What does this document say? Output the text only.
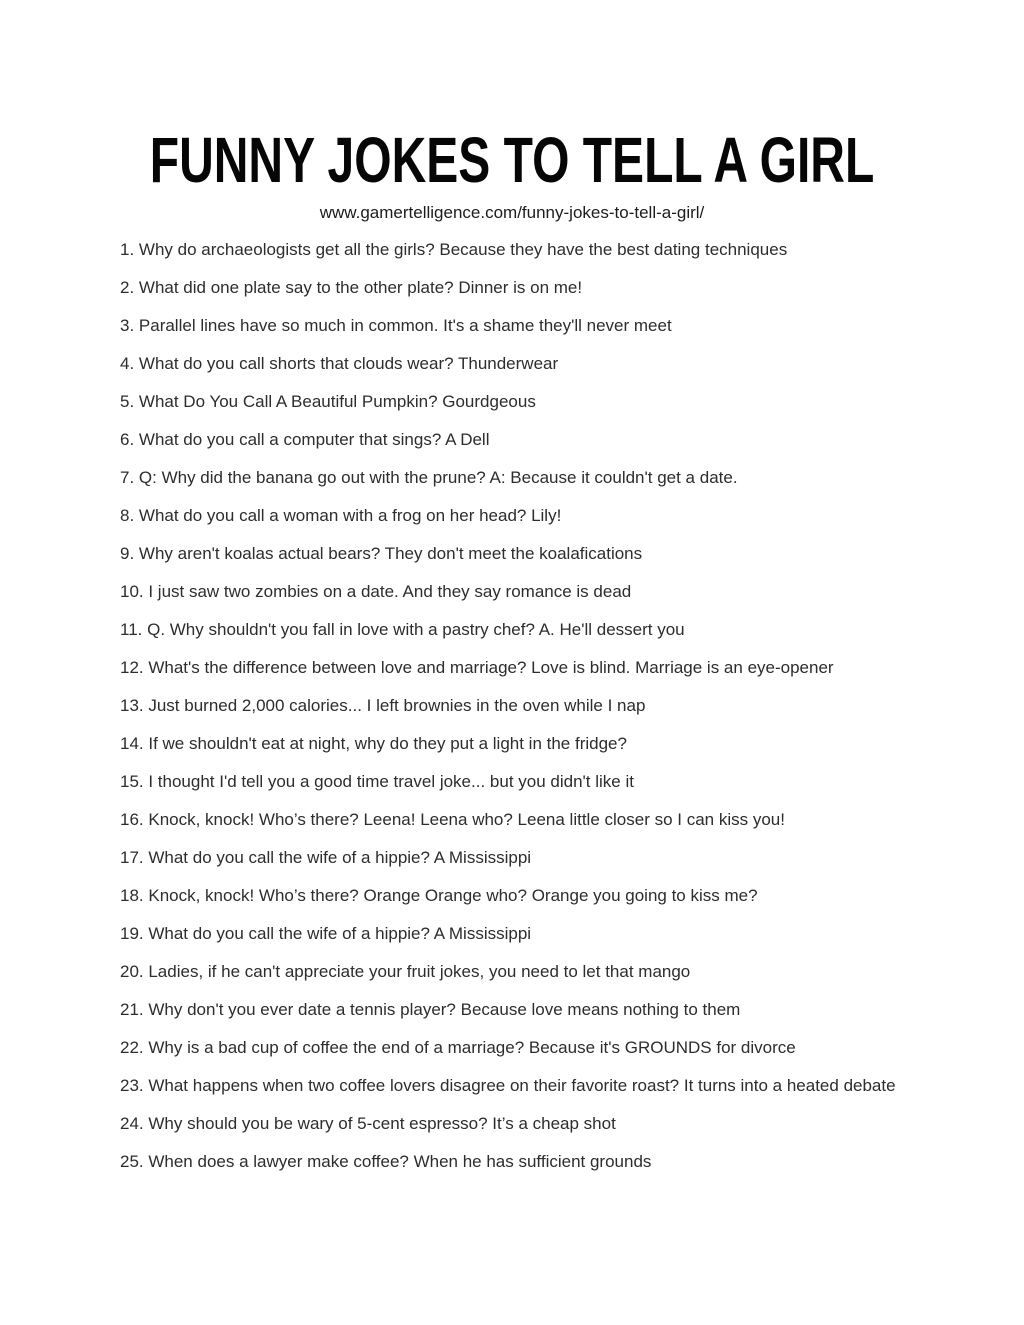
FUNNY JOKES TO TELL A GIRL
www.gamertelligence.com/funny-jokes-to-tell-a-girl/
1. Why do archaeologists get all the girls? Because they have the best dating techniques
2. What did one plate say to the other plate? Dinner is on me!
3. Parallel lines have so much in common. It's a shame they'll never meet
4. What do you call shorts that clouds wear? Thunderwear
5. What Do You Call A Beautiful Pumpkin? Gourdgeous
6. What do you call a computer that sings? A Dell
7. Q: Why did the banana go out with the prune? A: Because it couldn't get a date.
8. What do you call a woman with a frog on her head? Lily!
9. Why aren't koalas actual bears? They don't meet the koalafications
10. I just saw two zombies on a date. And they say romance is dead
11. Q. Why shouldn't you fall in love with a pastry chef? A. He'll dessert you
12. What's the difference between love and marriage? Love is blind. Marriage is an eye-opener
13. Just burned 2,000 calories... I left brownies in the oven while I nap
14. If we shouldn't eat at night, why do they put a light in the fridge?
15. I thought I'd tell you a good time travel joke... but you didn't like it
16. Knock, knock! Who’s there? Leena! Leena who? Leena little closer so I can kiss you!
17. What do you call the wife of a hippie? A Mississippi
18. Knock, knock! Who’s there? Orange Orange who? Orange you going to kiss me?
19. What do you call the wife of a hippie? A Mississippi
20. Ladies, if he can't appreciate your fruit jokes, you need to let that mango
21. Why don't you ever date a tennis player? Because love means nothing to them
22. Why is a bad cup of coffee the end of a marriage? Because it's GROUNDS for divorce
23. What happens when two coffee lovers disagree on their favorite roast? It turns into a heated debate
24. Why should you be wary of 5-cent espresso? It’s a cheap shot
25. When does a lawyer make coffee? When he has sufficient grounds
